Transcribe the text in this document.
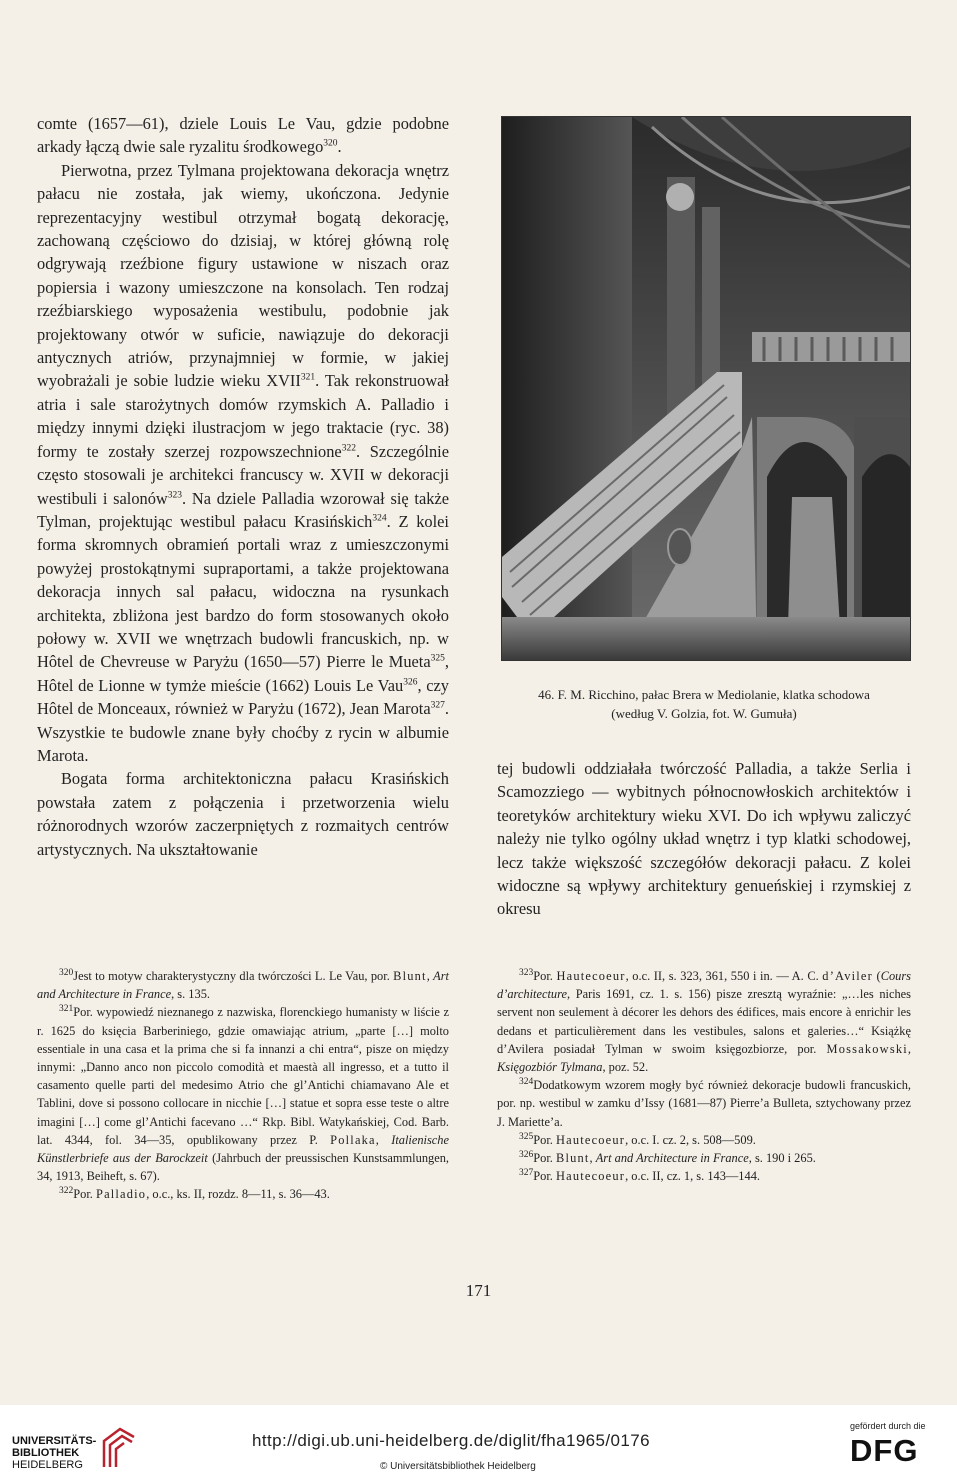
comte (1657—61), dziele Louis Le Vau, gdzie podobne arkady łączą dwie sale ryzalitu środkowego$^{320}$.

Pierwotna, przez Tylmana projektowana dekoracja wnętrz pałacu nie została, jak wiemy, ukończona. Jedynie reprezentacyjny westibul otrzymał bogatą dekorację, zachowaną częściowo do dzisiaj, w której główną rolę odgrywają rzeźbione figury ustawione w niszach oraz popiersia i wazony umieszczone na konsolach. Ten rodzaj rzeźbiarskiego wyposażenia westibulu, podobnie jak projektowany otwór w suficie, nawiązuje do dekoracji antycznych atriów, przynajmniej w formie, w jakiej wyobrażali je sobie ludzie wieku XVII$^{321}$. Tak rekonstruował atria i sale starożytnych domów rzymskich A. Palladio i między innymi dzięki ilustracjom w jego traktacie (ryc. 38) formy te zostały szerzej rozpowszechnione$^{322}$. Szczególnie często stosowali je architekci francuscy w. XVII w dekoracji westibuli i salonów$^{323}$. Na dziele Palladia wzorował się także Tylman, projektując westibul pałacu Krasińskich$^{324}$. Z kolei forma skromnych obramień portali wraz z umieszczonymi powyżej prostokątnymi supraportami, a także projektowana dekoracja innych sal pałacu, widoczna na rysunkach architekta, zbliżona jest bardzo do form stosowanych około połowy w. XVII we wnętrzach budowli francuskich, np. w Hôtel de Chevreuse w Paryżu (1650—57) Pierre le Mueta$^{325}$, Hôtel de Lionne w tymże mieście (1662) Louis Le Vau$^{326}$, czy Hôtel de Monceaux, również w Paryżu (1672), Jean Marota$^{327}$. Wszystkie te budowle znane były choćby z rycin w albumie Marota.

Bogata forma architektoniczna pałacu Krasińskich powstała zatem z połączenia i przetworzenia wielu różnorodnych wzorów zaczerpniętych z rozmaitych centrów artystycznych. Na ukształtowanie

46. F. M. Ricchino, pałac Brera w Mediolanie, klatka schodowa
(według V. Golzia, fot. W. Gumuła)

tej budowli oddziałała twórczość Palladia, a także Serlia i Scamozziego — wybitnych północnowłoskich architektów i teoretyków architektury wieku XVI. Do ich wpływu zaliczyć należy nie tylko ogólny układ wnętrz i typ klatki schodowej, lecz także większość szczegółów dekoracji pałacu. Z kolei widoczne są wpływy architektury genueńskiej i rzymskiej z okresu

$^{320}$Jest to motyw charakterystyczny dla twórczości L. Le Vau, por. Blunt, Art and Architecture in France, s. 135.

$^{321}$Por. wypowiedź nieznanego z nazwiska, florenckiego humanisty w liście z r. 1625 do księcia Barberiniego, gdzie omawiając atrium, „parte […] molto essentiale in una casa et la prima che si fa innanzi a chi entra“, pisze on między innymi: „Danno anco non piccolo comodità et maestà all ingresso, et a tutto il casamento quelle parti del medesimo Atrio che gl’Antichi chiamavano Ale et Tablini, dove si possono collocare in nicchie […] statue et sopra esse teste o altre imagini […] come gl’Antichi facevano …“ Rkp. Bibl. Watykańskiej, Cod. Barb. lat. 4344, fol. 34—35, opublikowany przez P. Pollaka, Italienische Künstlerbriefe aus der Barockzeit (Jahrbuch der preussischen Kunstsammlungen, 34, 1913, Beiheft, s. 67).

$^{322}$Por. Palladio, o.c., ks. II, rozdz. 8—11, s. 36—43.

$^{323}$Por. Hautecoeur, o.c. II, s. 323, 361, 550 i in. — A. C. d’Aviler (Cours d’architecture, Paris 1691, cz. 1. s. 156) pisze zresztą wyraźnie: „…les niches servent non seulement à décorer les dehors des édifices, mais encore à enrichir les dedans et particulièrement dans les vestibules, salons et galeries…“ Książkę d’Avilera posiadał Tylman w swoim księgozbiorze, por. Mossakowski, Księgozbiór Tylmana, poz. 52.

$^{324}$Dodatkowym wzorem mogły być również dekoracje budowli francuskich, por. np. westibul w zamku d’Issy (1681—87) Pierre’a Bulleta, sztychowany przez J. Mariette’a.

$^{325}$Por. Hautecoeur, o.c. I. cz. 2, s. 508—509.

$^{326}$Por. Blunt, Art and Architecture in France, s. 190 i 265.

$^{327}$Por. Hautecoeur, o.c. II, cz. 1, s. 143—144.

171
UNIVERSITÄTS-
BIBLIOTHEK
HEIDELBERG
http://digi.ub.uni-heidelberg.de/diglit/fha1965/0176
© Universitätsbibliothek Heidelberg
gefördert durch die
DFG
